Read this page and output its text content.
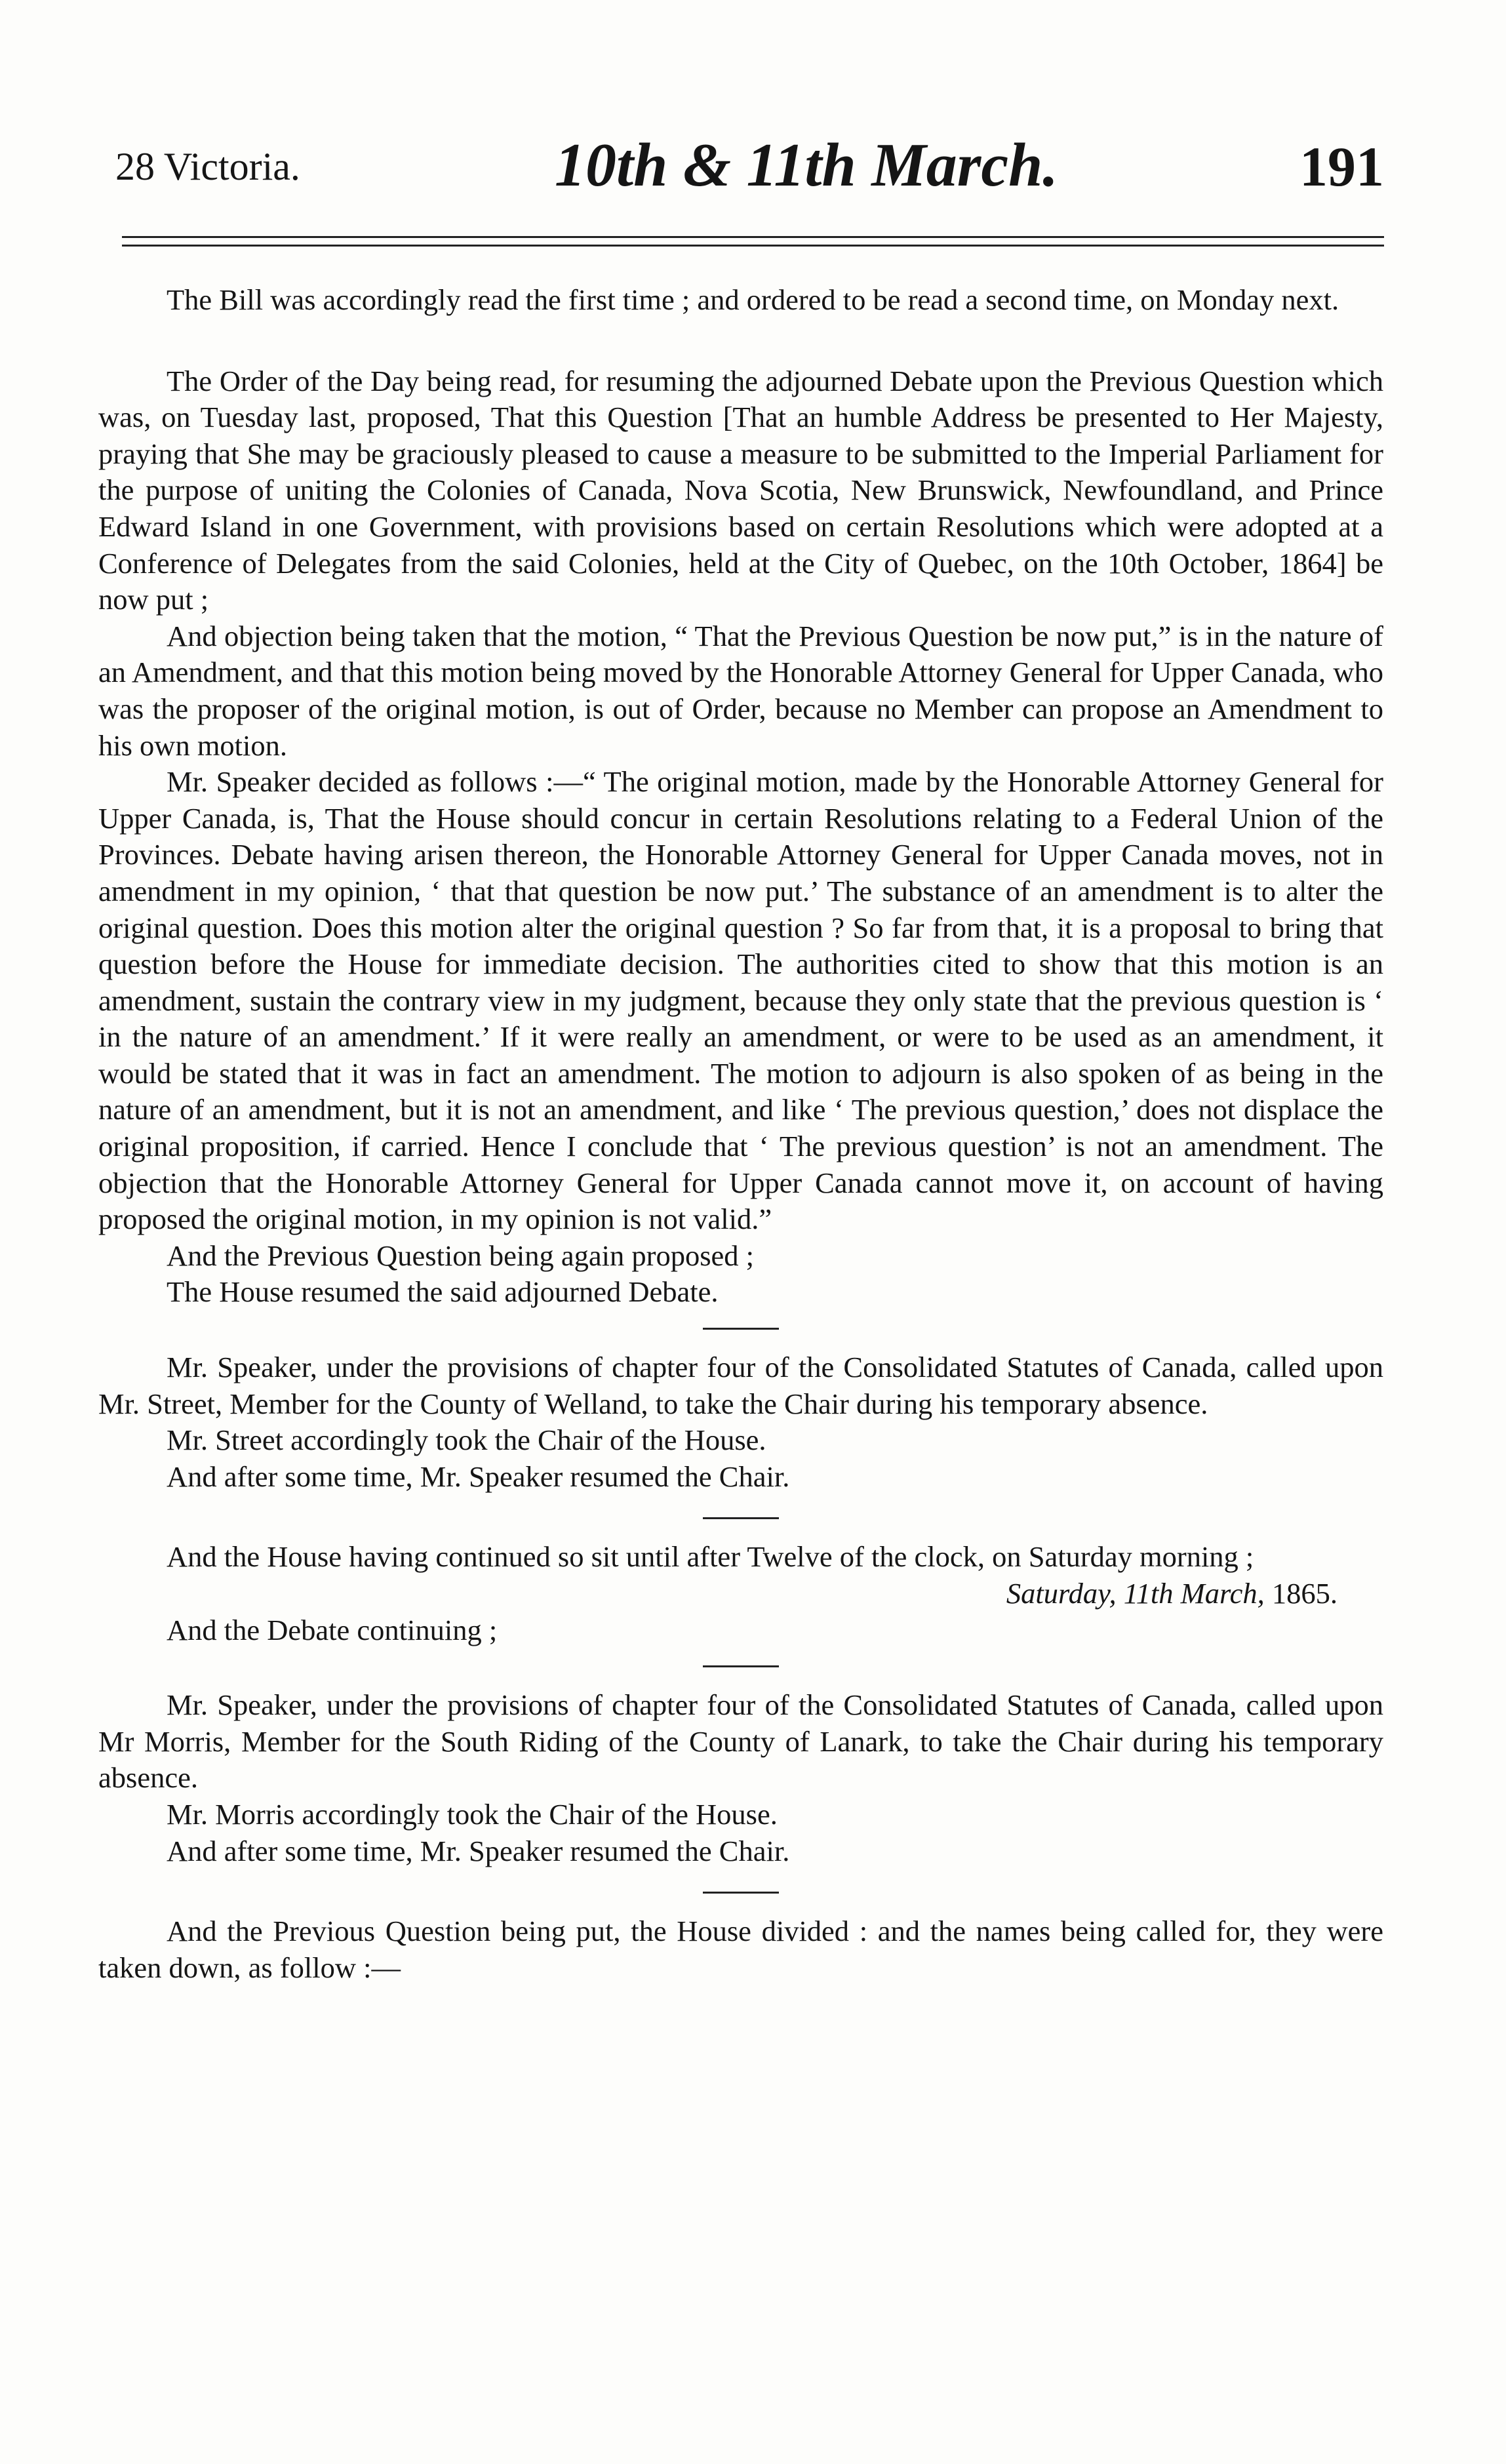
28 Victoria.	10th & 11th March.	191

The Bill was accordingly read the first time ; and ordered to be read a second time, on Monday next.

The Order of the Day being read, for resuming the adjourned Debate upon the Previous Question which was, on Tuesday last, proposed, That this Question [That an humble Address be presented to Her Majesty, praying that She may be graciously pleased to cause a measure to be submitted to the Imperial Parliament for the purpose of uniting the Colonies of Canada, Nova Scotia, New Brunswick, Newfoundland, and Prince Edward Island in one Government, with provisions based on certain Resolutions which were adopted at a Conference of Delegates from the said Colonies, held at the City of Quebec, on the 10th October, 1864] be now put ;

And objection being taken that the motion, “ That the Previous Question be now put,” is in the nature of an Amendment, and that this motion being moved by the Honorable Attorney General for Upper Canada, who was the proposer of the original motion, is out of Order, because no Member can propose an Amendment to his own motion.

Mr. Speaker decided as follows :—“ The original motion, made by the Honorable Attorney General for Upper Canada, is, That the House should concur in certain Resolutions relating to a Federal Union of the Provinces. Debate having arisen thereon, the Honorable Attorney General for Upper Canada moves, not in amendment in my opinion, ‘ that that question be now put.’ The substance of an amendment is to alter the original question. Does this motion alter the original question ? So far from that, it is a proposal to bring that question before the House for immediate decision. The authorities cited to show that this motion is an amendment, sustain the contrary view in my judgment, because they only state that the previous question is ‘ in the nature of an amendment.’ If it were really an amendment, or were to be used as an amendment, it would be stated that it was in fact an amendment. The motion to adjourn is also spoken of as being in the nature of an amendment, but it is not an amendment, and like ‘ The previous question,’ does not displace the original proposition, if carried. Hence I conclude that ‘ The previous question’ is not an amendment. The objection that the Honorable Attorney General for Upper Canada cannot move it, on account of having proposed the original motion, in my opinion is not valid.”

And the Previous Question being again proposed ;

The House resumed the said adjourned Debate.

Mr. Speaker, under the provisions of chapter four of the Consolidated Statutes of Canada, called upon Mr. Street, Member for the County of Welland, to take the Chair during his temporary absence.

Mr. Street accordingly took the Chair of the House.

And after some time, Mr. Speaker resumed the Chair.

And the House having continued so sit until after Twelve of the clock, on Saturday morning ;

Saturday, 11th March, 1865.

And the Debate continuing ;

Mr. Speaker, under the provisions of chapter four of the Consolidated Statutes of Canada, called upon Mr Morris, Member for the South Riding of the County of Lanark, to take the Chair during his temporary absence.

Mr. Morris accordingly took the Chair of the House.

And after some time, Mr. Speaker resumed the Chair.

And the Previous Question being put, the House divided : and the names being called for, they were taken down, as follow :—
